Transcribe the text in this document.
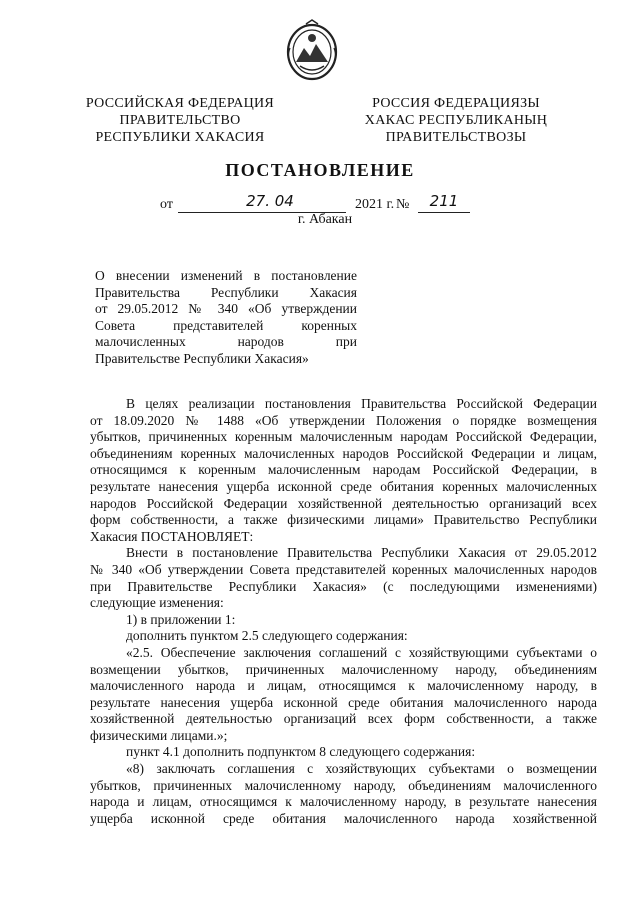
РОССИЙСКАЯ ФЕДЕРАЦИЯ
ПРАВИТЕЛЬСТВО
РЕСПУБЛИКИ ХАКАСИЯ
РОССИЯ ФЕДЕРАЦИЯЗЫ
ХАКАС РЕСПУБЛИКАНЫҢ
ПРАВИТЕЛЬСТВОЗЫ
ПОСТАНОВЛЕНИЕ
от	27. 04	2021 г. №	211
г. Абакан
О внесении изменений в постановление
Правительства Республики Хакасия
от 29.05.2012 № 340 «Об утверждении
Совета представителей коренных
малочисленных народов при
Правительстве Республики Хакасия»
В целях реализации постановления Правительства Российской Федерации
от 18.09.2020 № 1488 «Об утверждении Положения о порядке возмещения
убытков, причиненных коренным малочисленным народам Российской Федерации,
объединениям коренных малочисленных народов Российской Федерации и лицам,
относящимся к коренным малочисленным народам Российской Федерации, в
результате нанесения ущерба исконной среде обитания коренных малочисленных
народов Российской Федерации хозяйственной деятельностью организаций всех
форм собственности, а также физическими лицами» Правительство Республики
Хакасия ПОСТАНОВЛЯЕТ:
Внести в постановление Правительства Республики Хакасия от 29.05.2012
№ 340 «Об утверждении Совета представителей коренных малочисленных народов
при Правительстве Республики Хакасия» (с последующими изменениями)
следующие изменения:
1) в приложении 1:
дополнить пунктом 2.5 следующего содержания:
«2.5. Обеспечение заключения соглашений с хозяйствующими субъектами о
возмещении убытков, причиненных малочисленному народу, объединениям
малочисленного народа и лицам, относящимся к малочисленному народу, в
результате нанесения ущерба исконной среде обитания малочисленного народа
хозяйственной деятельностью организаций всех форм собственности, а также
физическими лицами.»;
пункт 4.1 дополнить подпунктом 8 следующего содержания:
«8) заключать соглашения с хозяйствующих субъектами о возмещении
убытков, причиненных малочисленному народу, объединениям малочисленного
народа и лицам, относящимся к малочисленному народу, в результате нанесения
ущерба исконной среде обитания малочисленного народа хозяйственной
